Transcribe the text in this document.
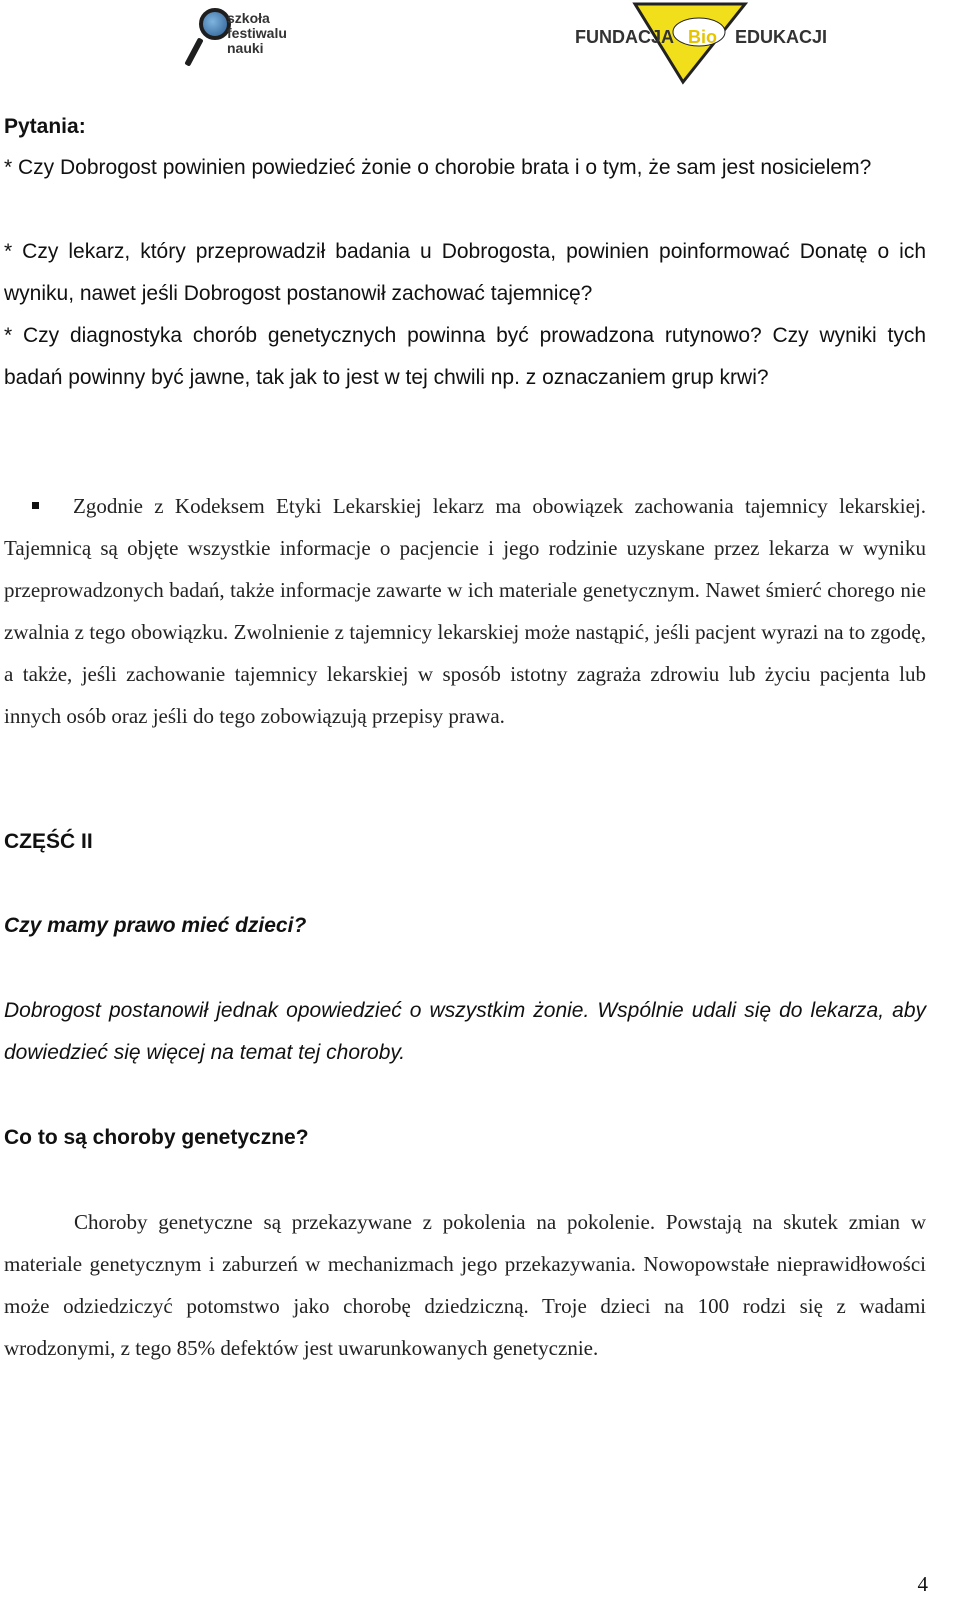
szkoła
festiwalu
nauki
FUNDACJA Bio EDUKACJI
Pytania:

* Czy Dobrogost powinien powiedzieć żonie o chorobie brata i o tym, że sam jest nosicielem?

* Czy lekarz, który przeprowadził badania u Dobrogosta, powinien poinformować Donatę o ich wyniku, nawet jeśli Dobrogost postanowił zachować tajemnicę?

* Czy diagnostyka chorób genetycznych powinna być prowadzona rutynowo? Czy wyniki tych badań powinny być jawne, tak jak to jest w tej chwili np. z oznaczaniem grup krwi?

Zgodnie z Kodeksem Etyki Lekarskiej lekarz ma obowiązek zachowania tajemnicy lekarskiej. Tajemnicą są objęte wszystkie informacje o pacjencie i jego rodzinie uzyskane przez lekarza w wyniku przeprowadzonych badań, także informacje zawarte w ich materiale genetycznym. Nawet śmierć chorego nie zwalnia z tego obowiązku. Zwolnienie z tajemnicy lekarskiej może nastąpić, jeśli pacjent wyrazi na to zgodę, a także, jeśli zachowanie tajemnicy lekarskiej w sposób istotny zagraża zdrowiu lub życiu pacjenta lub innych osób oraz jeśli do tego zobowiązują przepisy prawa.

CZĘŚĆ II
Czy mamy prawo mieć dzieci?

Dobrogost postanowił jednak opowiedzieć o wszystkim żonie. Wspólnie udali się do lekarza, aby dowiedzieć się więcej na temat tej choroby.

Co to są choroby genetyczne?

Choroby genetyczne są przekazywane z pokolenia na pokolenie. Powstają na skutek zmian w materiale genetycznym i zaburzeń w mechanizmach jego przekazywania. Nowopowstałe nieprawidłowości może odziedziczyć potomstwo jako chorobę dziedziczną. Troje dzieci na 100 rodzi się z wadami wrodzonymi, z tego 85% defektów jest uwarunkowanych genetycznie.

4
